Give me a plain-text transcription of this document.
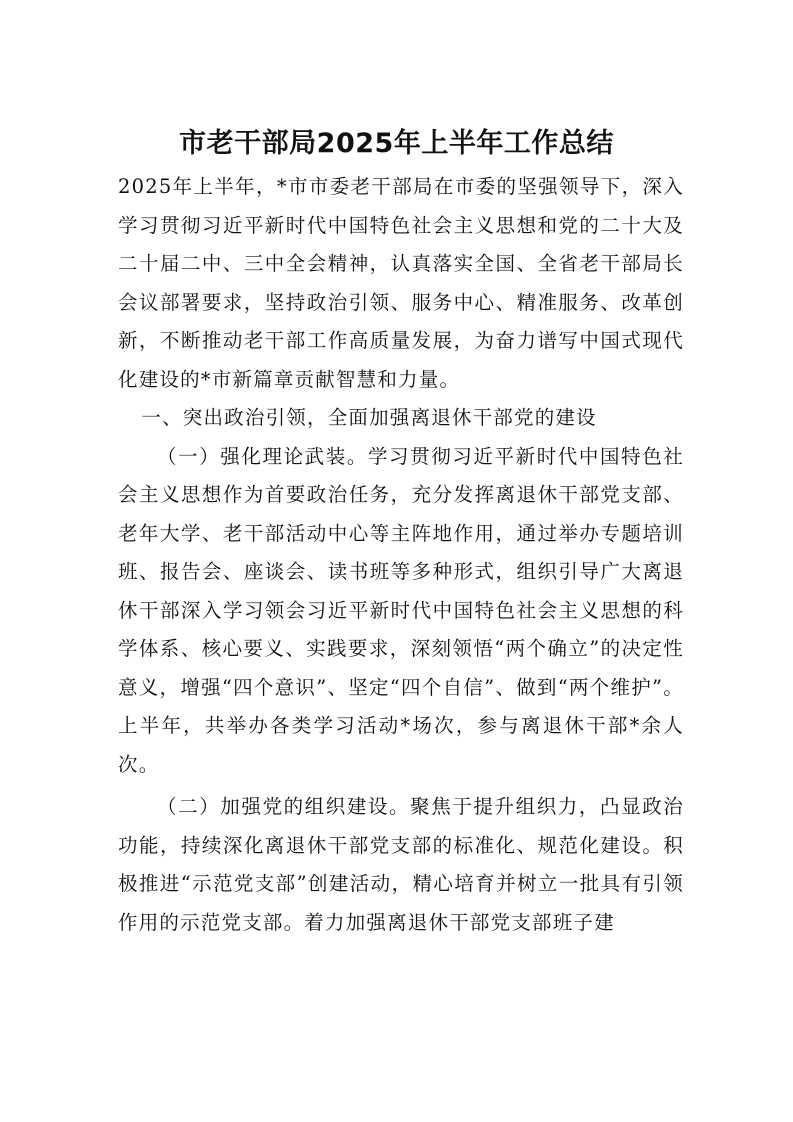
市老干部局2025年上半年工作总结

2025年上半年，*市市委老干部局在市委的坚强领导下，深入学习贯彻习近平新时代中国特色社会主义思想和党的二十大及二十届二中、三中全会精神，认真落实全国、全省老干部局长会议部署要求，坚持政治引领、服务中心、精准服务、改革创新，不断推动老干部工作高质量发展，为奋力谱写中国式现代化建设的*市新篇章贡献智慧和力量。

一、突出政治引领，全面加强离退休干部党的建设

（一）强化理论武装。学习贯彻习近平新时代中国特色社会主义思想作为首要政治任务，充分发挥离退休干部党支部、老年大学、老干部活动中心等主阵地作用，通过举办专题培训班、报告会、座谈会、读书班等多种形式，组织引导广大离退休干部深入学习领会习近平新时代中国特色社会主义思想的科学体系、核心要义、实践要求，深刻领悟“两个确立”的决定性意义，增强“四个意识”、坚定“四个自信”、做到“两个维护”。上半年，共举办各类学习活动*场次，参与离退休干部*余人次。

（二）加强党的组织建设。聚焦于提升组织力，凸显政治功能，持续深化离退休干部党支部的标准化、规范化建设。积极推进“示范党支部”创建活动，精心培育并树立一批具有引领作用的示范党支部。着力加强离退休干部党支部班子建
